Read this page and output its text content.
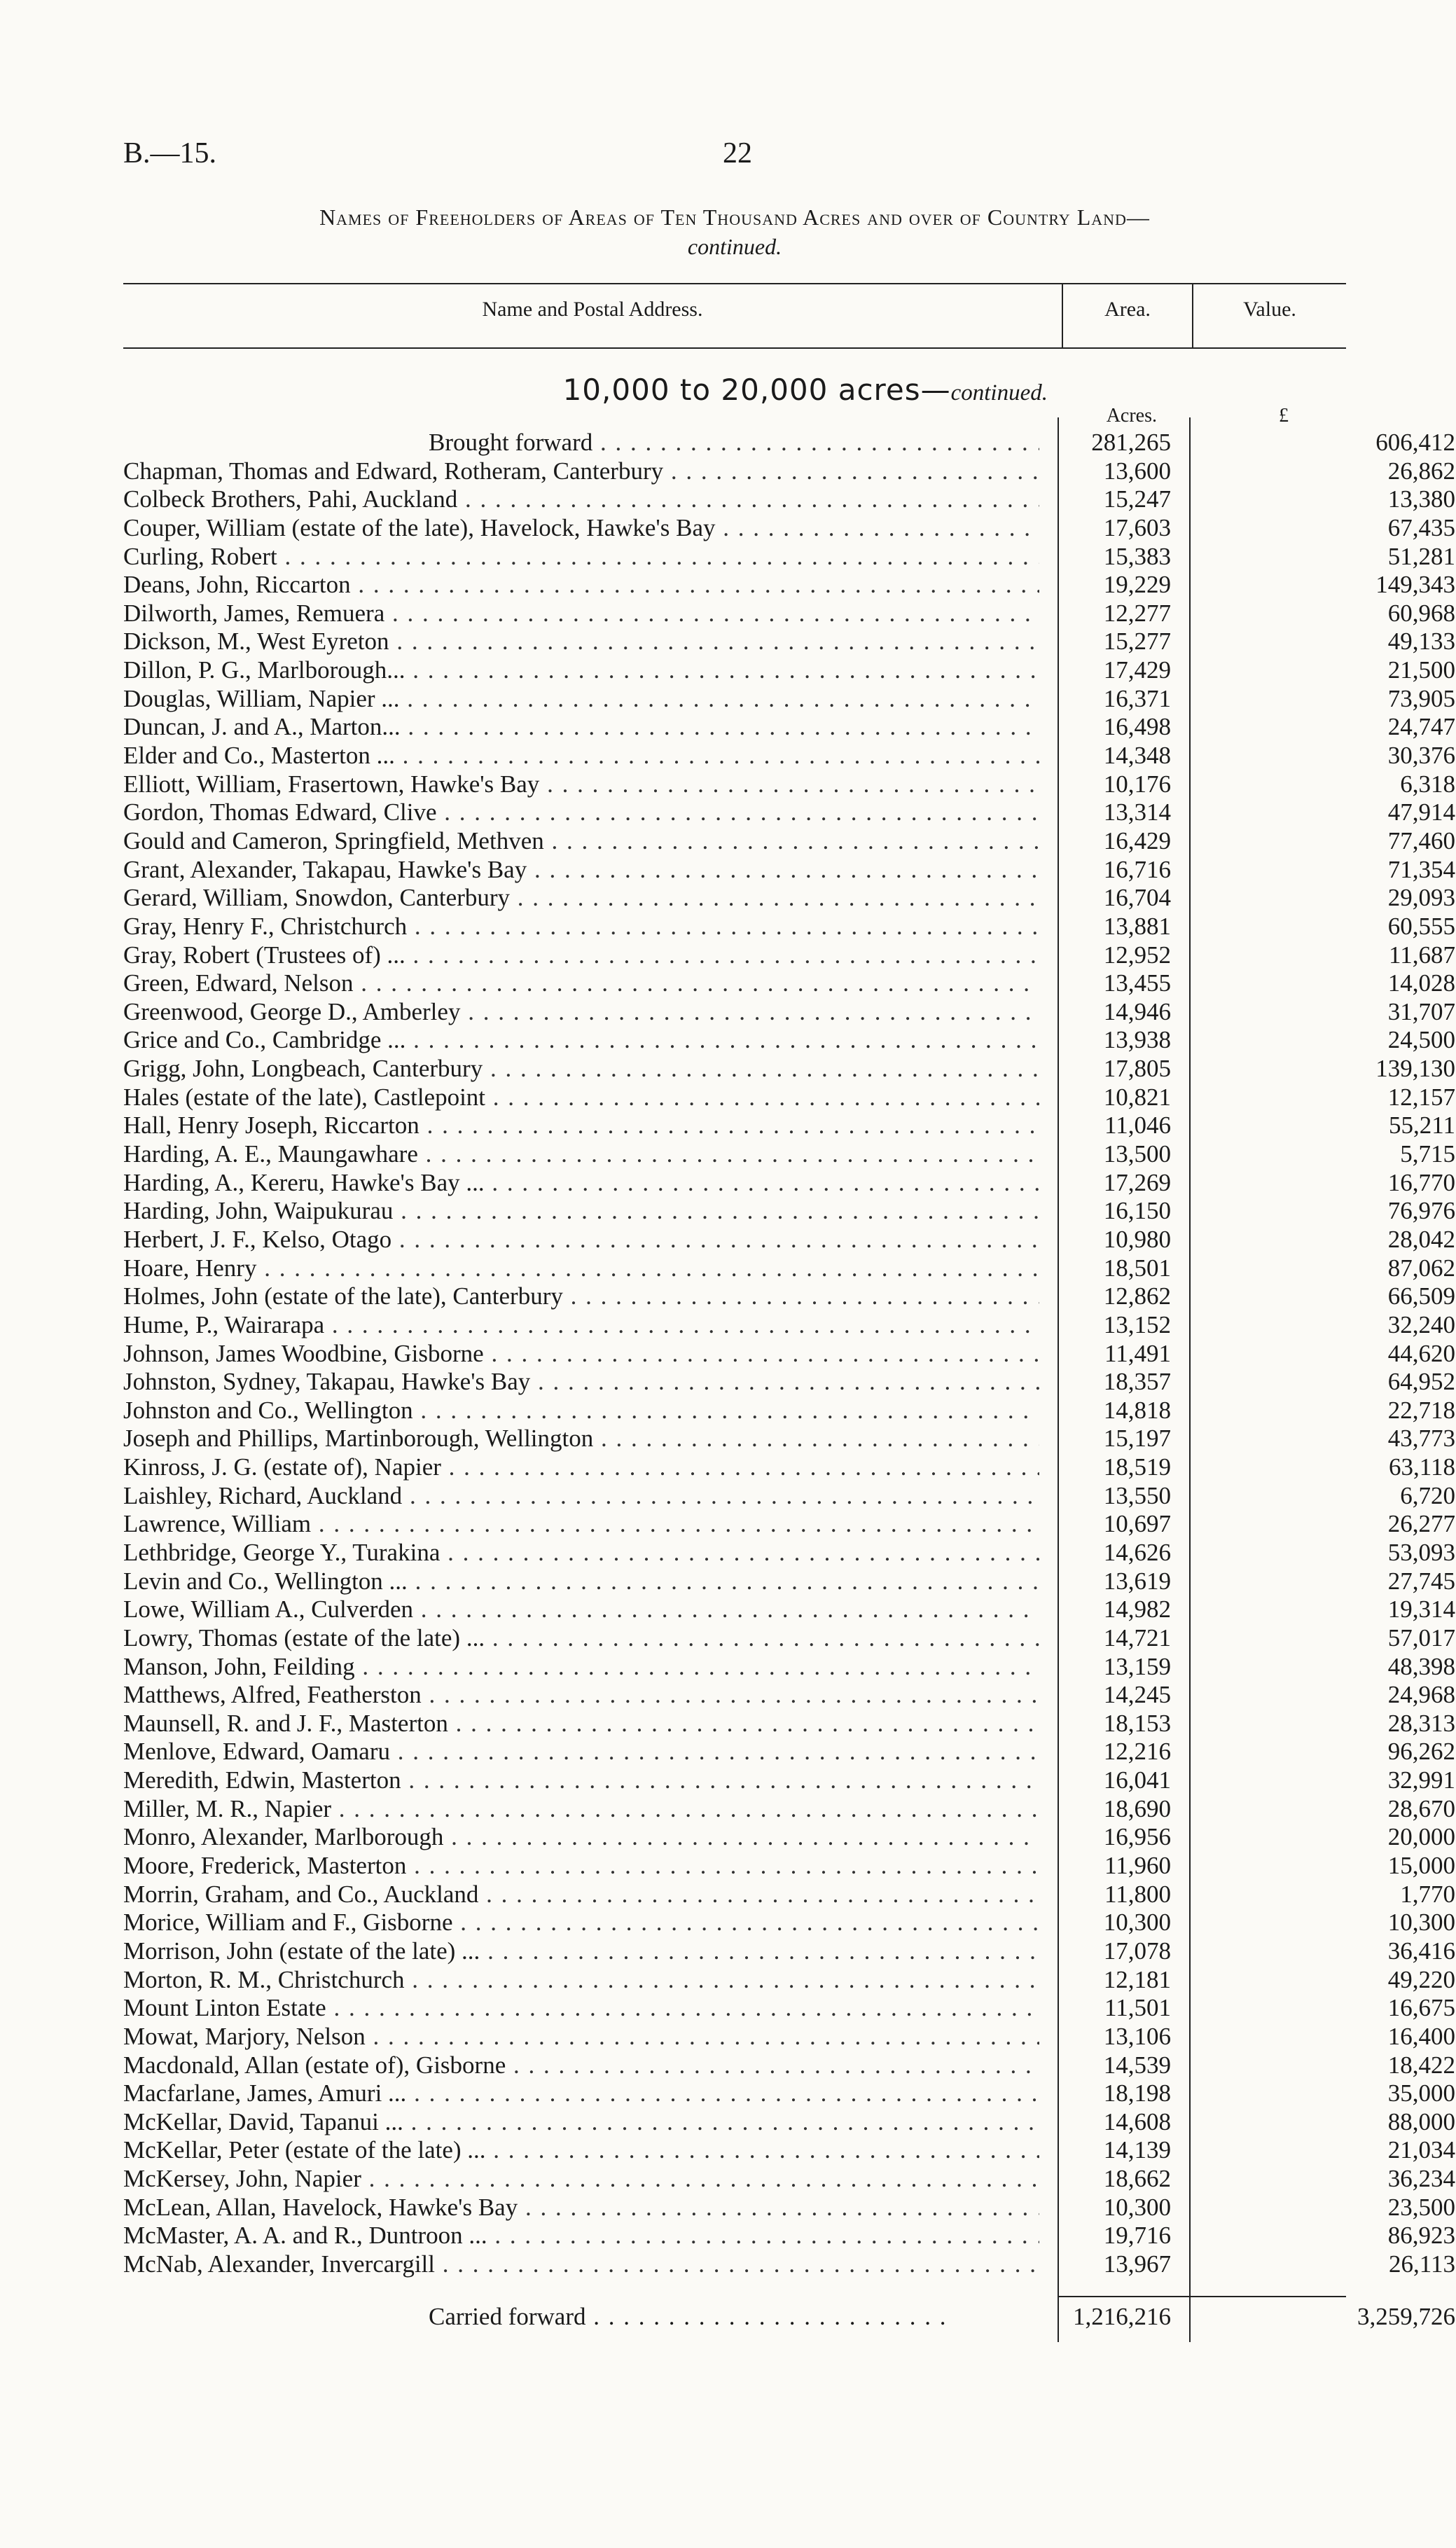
B.—15.	22
Names of Freeholders of Areas of Ten Thousand Acres and over of Country Land—
continued.
Name and Postal Address.	Area.	Value.
10,000 to 20,000 acres—continued.
Acres.	£
Brought forward . . .	281,265	606,412
Chapman, Thomas and Edward, Rotheram, Canterbury . . .	13,600	26,862
Colbeck Brothers, Pahi, Auckland . . .	15,247	13,380
Couper, William (estate of the late), Havelock, Hawke's Bay . . .	17,603	67,435
Curling, Robert . . .	15,383	51,281
Deans, John, Riccarton . . .	19,229	149,343
Dilworth, James, Remuera . . .	12,277	60,968
Dickson, M., West Eyreton . . .	15,277	49,133
Dillon, P. G., Marlborough... . . .	17,429	21,500
Douglas, William, Napier ... . . .	16,371	73,905
Duncan, J. and A., Marton... . . .	16,498	24,747
Elder and Co., Masterton ... . . .	14,348	30,376
Elliott, William, Frasertown, Hawke's Bay . . .	10,176	6,318
Gordon, Thomas Edward, Clive . . .	13,314	47,914
Gould and Cameron, Springfield, Methven . . .	16,429	77,460
Grant, Alexander, Takapau, Hawke's Bay . . .	16,716	71,354
Gerard, William, Snowdon, Canterbury . . .	16,704	29,093
Gray, Henry F., Christchurch . . .	13,881	60,555
Gray, Robert (Trustees of) ... . . .	12,952	11,687
Green, Edward, Nelson . . .	13,455	14,028
Greenwood, George D., Amberley . . .	14,946	31,707
Grice and Co., Cambridge ... . . .	13,938	24,500
Grigg, John, Longbeach, Canterbury . . .	17,805	139,130
Hales (estate of the late), Castlepoint . . .	10,821	12,157
Hall, Henry Joseph, Riccarton . . .	11,046	55,211
Harding, A. E., Maungawhare . . .	13,500	5,715
Harding, A., Kereru, Hawke's Bay ... . . .	17,269	16,770
Harding, John, Waipukurau . . .	16,150	76,976
Herbert, J. F., Kelso, Otago . . .	10,980	28,042
Hoare, Henry . . .	18,501	87,062
Holmes, John (estate of the late), Canterbury . . .	12,862	66,509
Hume, P., Wairarapa . . .	13,152	32,240
Johnson, James Woodbine, Gisborne . . .	11,491	44,620
Johnston, Sydney, Takapau, Hawke's Bay . . .	18,357	64,952
Johnston and Co., Wellington . . .	14,818	22,718
Joseph and Phillips, Martinborough, Wellington . . .	15,197	43,773
Kinross, J. G. (estate of), Napier . . .	18,519	63,118
Laishley, Richard, Auckland . . .	13,550	6,720
Lawrence, William . . .	10,697	26,277
Lethbridge, George Y., Turakina . . .	14,626	53,093
Levin and Co., Wellington ... . . .	13,619	27,745
Lowe, William A., Culverden . . .	14,982	19,314
Lowry, Thomas (estate of the late) ... . . .	14,721	57,017
Manson, John, Feilding . . .	13,159	48,398
Matthews, Alfred, Featherston . . .	14,245	24,968
Maunsell, R. and J. F., Masterton . . .	18,153	28,313
Menlove, Edward, Oamaru . . .	12,216	96,262
Meredith, Edwin, Masterton . . .	16,041	32,991
Miller, M. R., Napier . . .	18,690	28,670
Monro, Alexander, Marlborough . . .	16,956	20,000
Moore, Frederick, Masterton . . .	11,960	15,000
Morrin, Graham, and Co., Auckland . . .	11,800	1,770
Morice, William and F., Gisborne . . .	10,300	10,300
Morrison, John (estate of the late) ... . . .	17,078	36,416
Morton, R. M., Christchurch . . .	12,181	49,220
Mount Linton Estate . . .	11,501	16,675
Mowat, Marjory, Nelson . . .	13,106	16,400
Macdonald, Allan (estate of), Gisborne . . .	14,539	18,422
Macfarlane, James, Amuri ... . . .	18,198	35,000
McKellar, David, Tapanui ... . . .	14,608	88,000
McKellar, Peter (estate of the late) ... . . .	14,139	21,034
McKersey, John, Napier . . .	18,662	36,234
McLean, Allan, Havelock, Hawke's Bay . . .	10,300	23,500
McMaster, A. A. and R., Duntroon ... . . .	19,716	86,923
McNab, Alexander, Invercargill . . .	13,967	26,113
Carried forward . . .	1,216,216	3,259,726
